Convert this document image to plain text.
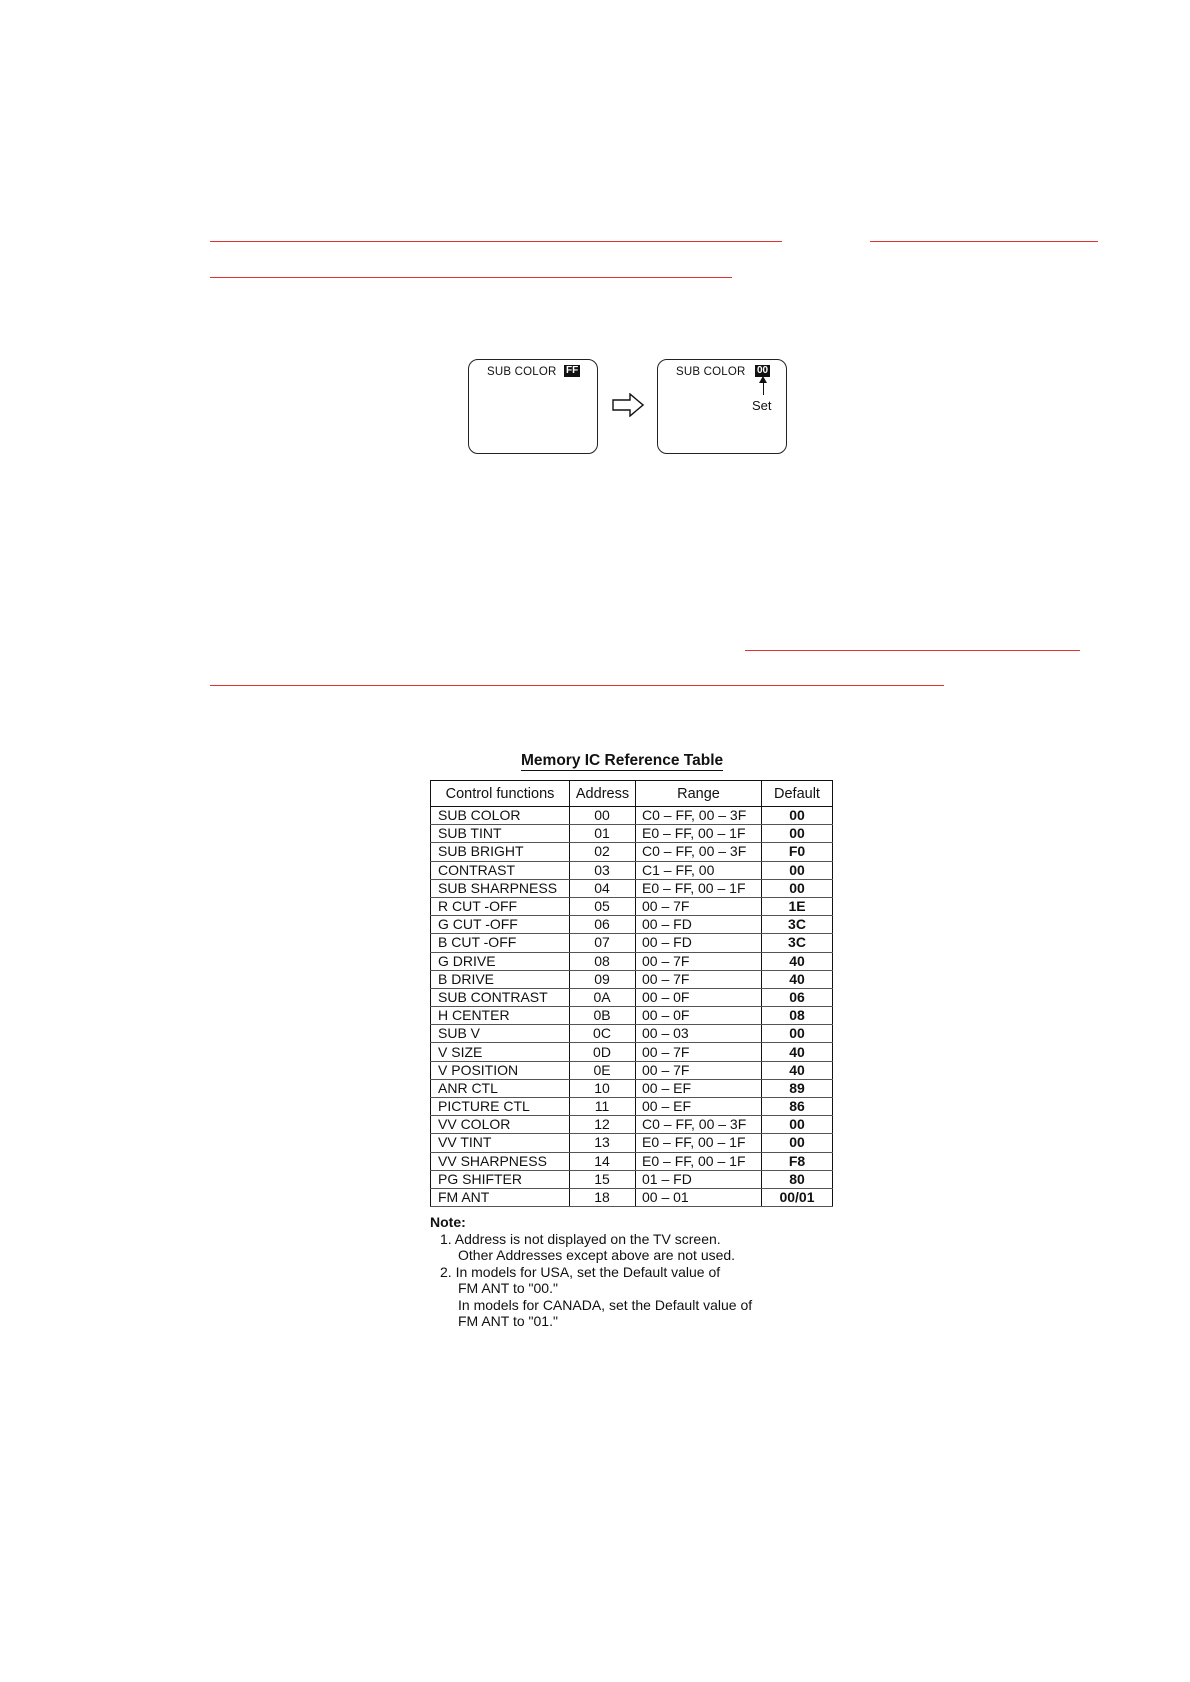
SUB COLOR FF	SUB COLOR 00
Set
Memory IC Reference Table
Control functions	Address	Range	Default
SUB COLOR	00	C0 – FF, 00 – 3F	00
SUB TINT	01	E0 – FF, 00 – 1F	00
SUB BRIGHT	02	C0 – FF, 00 – 3F	F0
CONTRAST	03	C1 – FF, 00	00
SUB SHARPNESS	04	E0 – FF, 00 – 1F	00
R CUT -OFF	05	00 – 7F	1E
G CUT -OFF	06	00 – FD	3C
B CUT -OFF	07	00 – FD	3C
G DRIVE	08	00 – 7F	40
B DRIVE	09	00 – 7F	40
SUB CONTRAST	0A	00 – 0F	06
H CENTER	0B	00 – 0F	08
SUB V	0C	00 – 03	00
V SIZE	0D	00 – 7F	40
V POSITION	0E	00 – 7F	40
ANR CTL	10	00 – EF	89
PICTURE CTL	11	00 – EF	86
VV COLOR	12	C0 – FF, 00 – 3F	00
VV TINT	13	E0 – FF, 00 – 1F	00
VV SHARPNESS	14	E0 – FF, 00 – 1F	F8
PG SHIFTER	15	01 – FD	80
FM ANT	18	00 – 01	00/01
Note:
1. Address is not displayed on the TV screen.
Other Addresses except above are not used.
2. In models for USA, set the Default value of
FM ANT to "00."
In models for CANADA, set the Default value of
FM ANT to "01."
